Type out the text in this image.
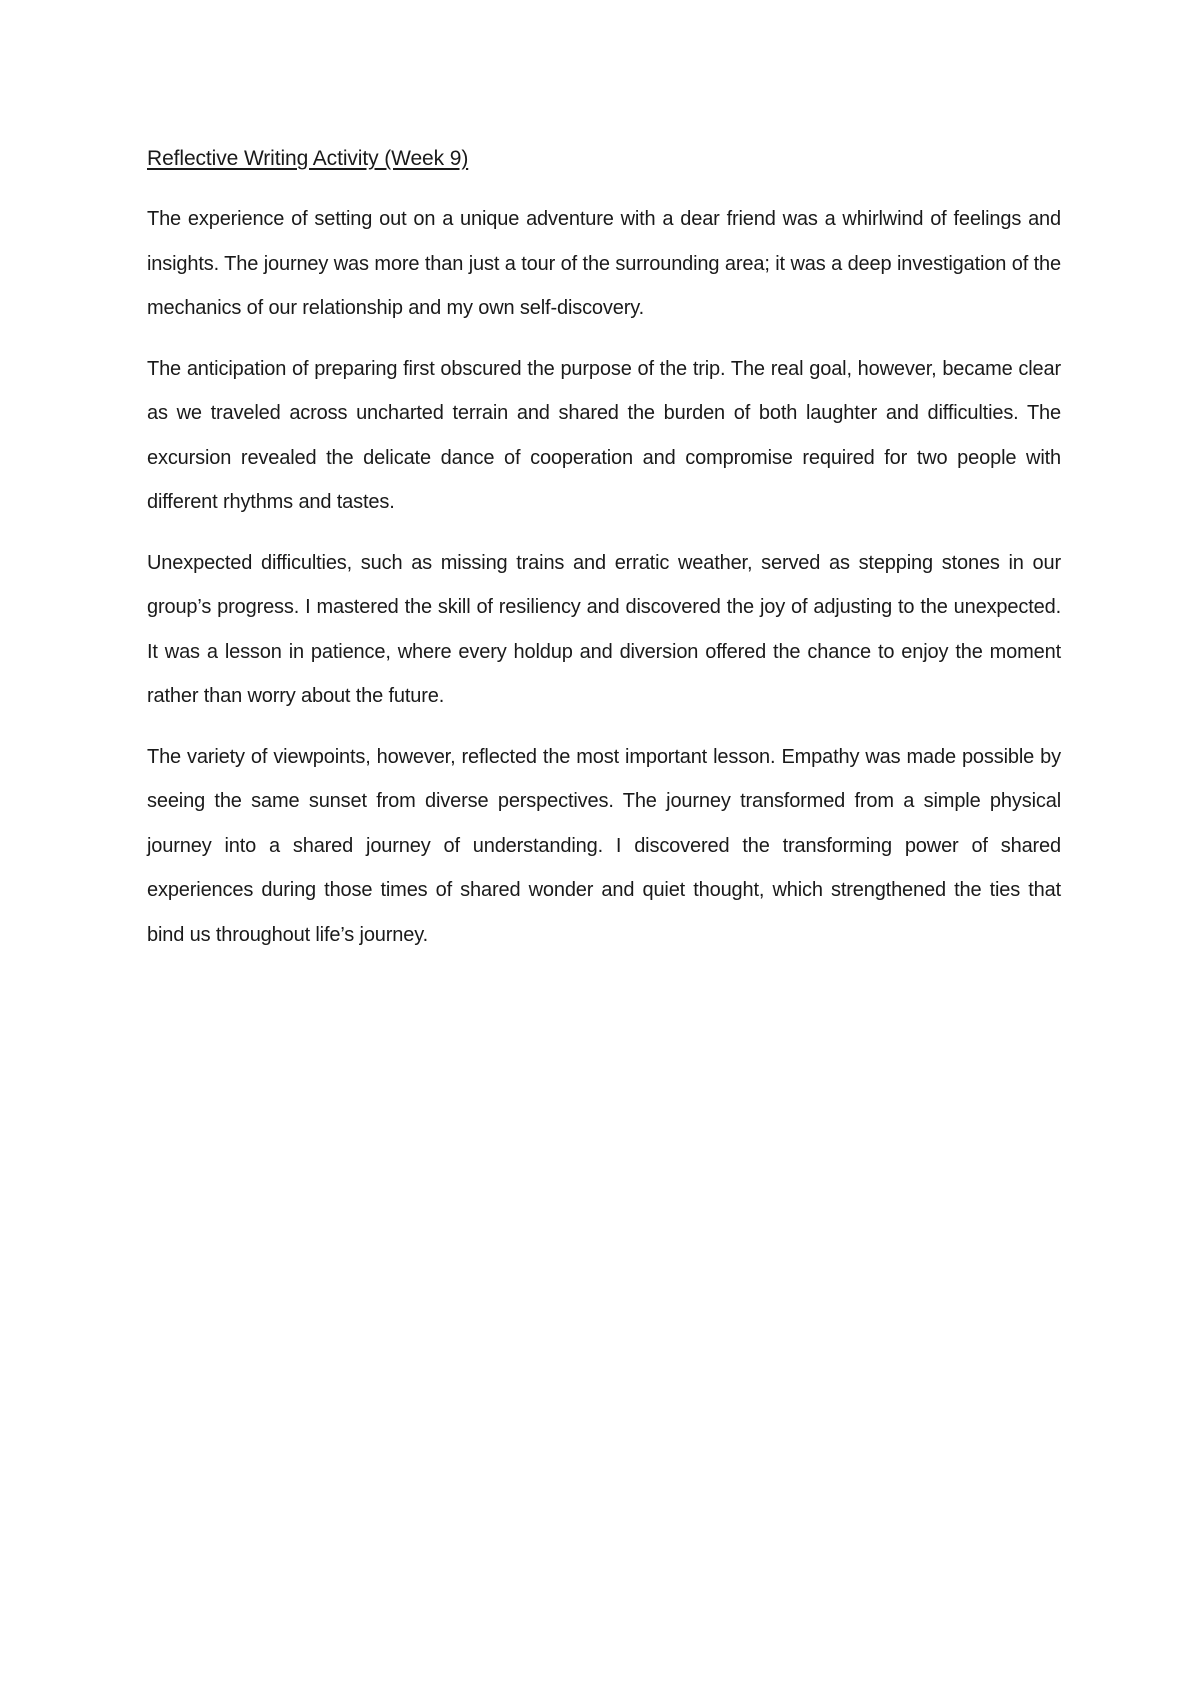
Reflective Writing Activity (Week 9)

The experience of setting out on a unique adventure with a dear friend was a whirlwind of feelings and insights. The journey was more than just a tour of the surrounding area; it was a deep investigation of the mechanics of our relationship and my own self-discovery.

The anticipation of preparing first obscured the purpose of the trip. The real goal, however, became clear as we traveled across uncharted terrain and shared the burden of both laughter and difficulties. The excursion revealed the delicate dance of cooperation and compromise required for two people with different rhythms and tastes.

Unexpected difficulties, such as missing trains and erratic weather, served as stepping stones in our group’s progress. I mastered the skill of resiliency and discovered the joy of adjusting to the unexpected. It was a lesson in patience, where every holdup and diversion offered the chance to enjoy the moment rather than worry about the future.

The variety of viewpoints, however, reflected the most important lesson. Empathy was made possible by seeing the same sunset from diverse perspectives. The journey transformed from a simple physical journey into a shared journey of understanding. I discovered the transforming power of shared experiences during those times of shared wonder and quiet thought, which strengthened the ties that bind us throughout life’s journey.
